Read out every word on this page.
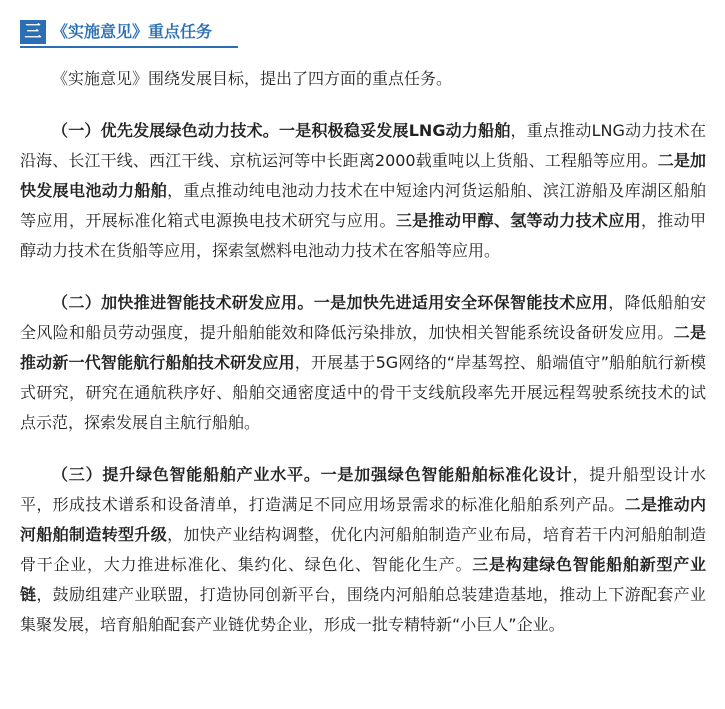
三 《实施意见》重点任务

《实施意见》围绕发展目标，提出了四方面的重点任务。

（一）优先发展绿色动力技术。一是积极稳妥发展LNG动力船舶，重点推动LNG动力技术在沿海、长江干线、西江干线、京杭运河等中长距离2000载重吨以上货船、工程船等应用。二是加快发展电池动力船舶，重点推动纯电池动力技术在中短途内河货运船舶、滨江游船及库湖区船舶等应用，开展标准化箱式电源换电技术研究与应用。三是推动甲醇、氢等动力技术应用，推动甲醇动力技术在货船等应用，探索氢燃料电池动力技术在客船等应用。

（二）加快推进智能技术研发应用。一是加快先进适用安全环保智能技术应用，降低船舶安全风险和船员劳动强度，提升船舶能效和降低污染排放，加快相关智能系统设备研发应用。二是推动新一代智能航行船舶技术研发应用，开展基于5G网络的“岸基驾控、船端值守”船舶航行新模式研究，研究在通航秩序好、船舶交通密度适中的骨干支线航段率先开展远程驾驶系统技术的试点示范，探索发展自主航行船舶。

（三）提升绿色智能船舶产业水平。一是加强绿色智能船舶标准化设计，提升船型设计水平，形成技术谱系和设备清单，打造满足不同应用场景需求的标准化船舶系列产品。二是推动内河船舶制造转型升级，加快产业结构调整，优化内河船舶制造产业布局，培育若干内河船舶制造骨干企业，大力推进标准化、集约化、绿色化、智能化生产。三是构建绿色智能船舶新型产业链，鼓励组建产业联盟，打造协同创新平台，围绕内河船舶总装建造基地，推动上下游配套产业集聚发展，培育船舶配套产业链优势企业，形成一批专精特新“小巨人”企业。
